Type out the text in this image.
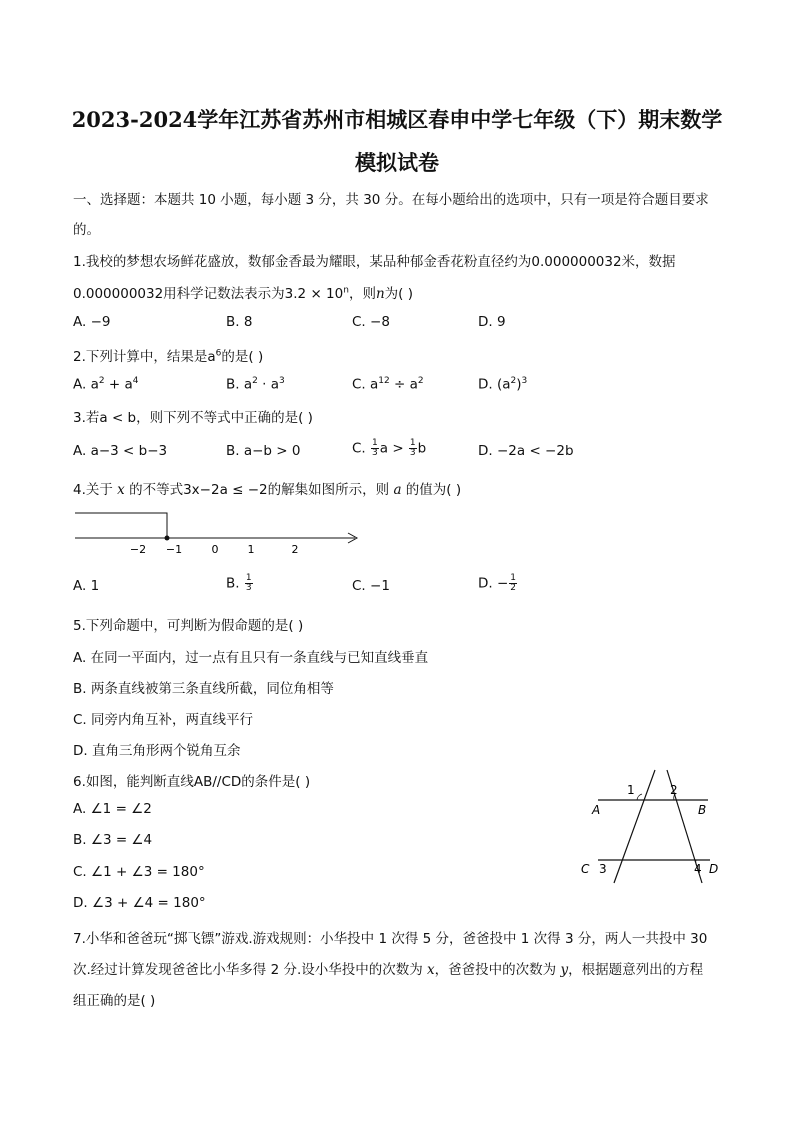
2023-2024学年江苏省苏州市相城区春申中学七年级（下）期末数学
模拟试卷
一、选择题：本题共 10 小题，每小题 3 分，共 30 分。在每小题给出的选项中，只有一项是符合题目要求
的。
1.我校的梦想农场鲜花盛放，数郁金香最为耀眼，某品种郁金香花粉直径约为0.000000032米，数据
0.000000032用科学记数法表示为$3.2 \times 10^n$，则n为( )
A. −9	B. 8	C. −8	D. 9
2.下列计算中，结果是$a^6$的是( )
A. $a^2 + a^4$	B. $a^2 \cdot a^3$	C. $a^{12} \div a^2$	D. $(a^2)^3$
3.若a < b，则下列不等式中正确的是( )
A. a−3 < b−3	B. a−b > 0	C. $\frac{1}{3}$ $a > \frac{1}{3}$ b	D. −2a < −2b
4.关于 x 的不等式3x−2a ≤ −2的解集如图所示，则 a 的值为( )
−2 −1	0	1	2
A. 1	B. $\frac{1}{3}$	C. −1	D. − $\frac{1}{2}$
5.下列命题中，可判断为假命题的是( )
A. 在同一平面内，过一点有且只有一条直线与已知直线垂直
B. 两条直线被第三条直线所截，同位角相等
C. 同旁内角互补，两直线平行
D. 直角三角形两个锐角互余
6.如图，能判断直线AB//CD的条件是( )
A. ∠1 = ∠2
B. ∠3 = ∠4
C. ∠1 + ∠3 = 180°
D. ∠3 + ∠4 = 180°
1	2
3	4
A	B
C	D
7.小华和爸爸玩“掷飞镖”游戏.游戏规则：小华投中 1 次得 5 分，爸爸投中 1 次得 3 分，两人一共投中 30
次.经过计算发现爸爸比小华多得 2 分.设小华投中的次数为 x，爸爸投中的次数为 y，根据题意列出的方程
组正确的是( )
